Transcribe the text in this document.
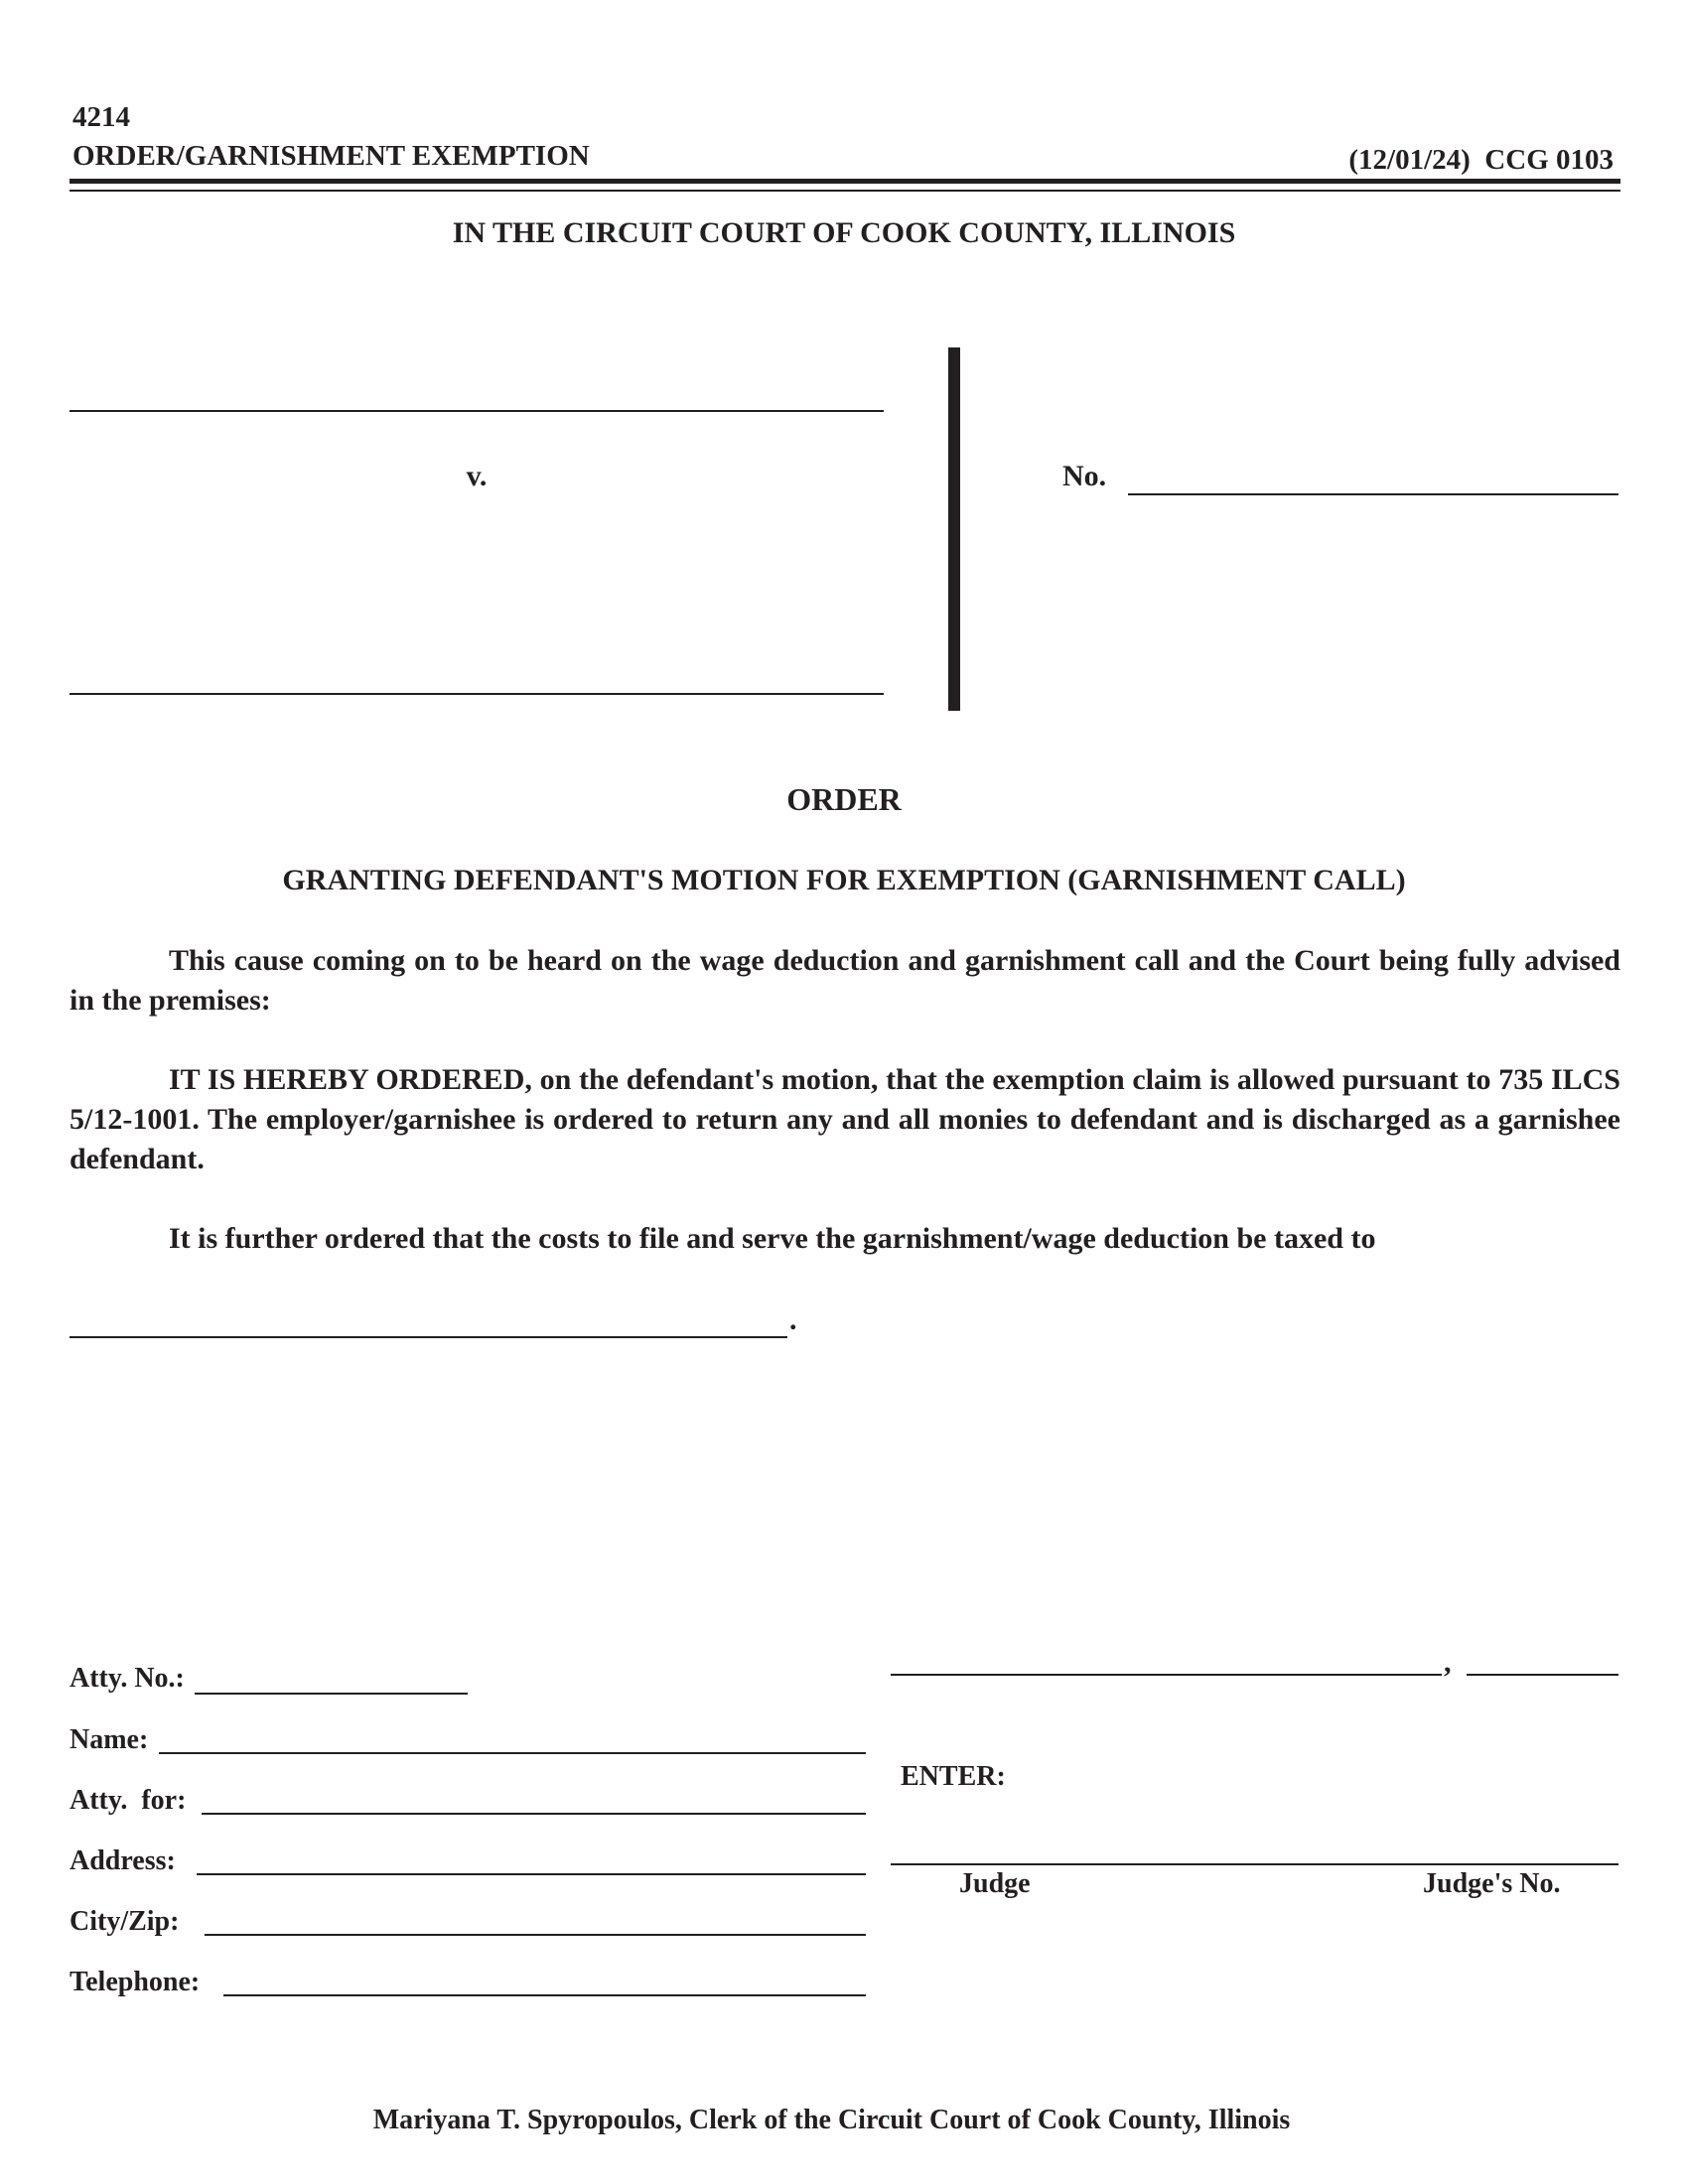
4214
ORDER/GARNISHMENT EXEMPTION	(12/01/24)  CCG 0103
IN THE CIRCUIT COURT OF COOK COUNTY, ILLINOIS
v.	No.
ORDER
GRANTING DEFENDANT'S MOTION FOR EXEMPTION (GARNISHMENT CALL)
This cause coming on to be heard on the wage deduction and garnishment call and the Court being fully advised in the premises:
IT IS HEREBY ORDERED, on the defendant's motion, that the exemption claim is allowed pursuant to 735 ILCS 5/12-1001. The employer/garnishee is ordered to return any and all monies to defendant and is discharged as a garnishee defendant.
It is further ordered that the costs to file and serve the garnishment/wage deduction be taxed to
.
Atty. No.:
Name:
Atty.  for:
Address:
City/Zip:
Telephone:
,
ENTER:
Judge	Judge's No.
Mariyana T. Spyropoulos, Clerk of the Circuit Court of Cook County, Illinois
